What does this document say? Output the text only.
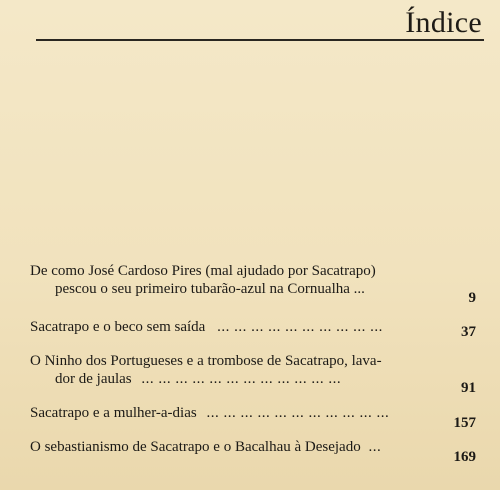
Índice
De como José Cardoso Pires (mal ajudado por Sacatrapo)
pescou o seu primeiro tubarão-azul na Cornualha ...
9
Sacatrapo e o beco sem saída ... ... ... ... ... ... ... ... ... ...	37
O Ninho dos Portugueses e a trombose de Sacatrapo, lava-
dor de jaulas ... ... ... ... ... ... ... ... ... ... ... ...
91
Sacatrapo e a mulher-a-dias ... ... ... ... ... ... ... ... ... ... ...
157
O sebastianismo de Sacatrapo e o Bacalhau à Desejado ...
169
